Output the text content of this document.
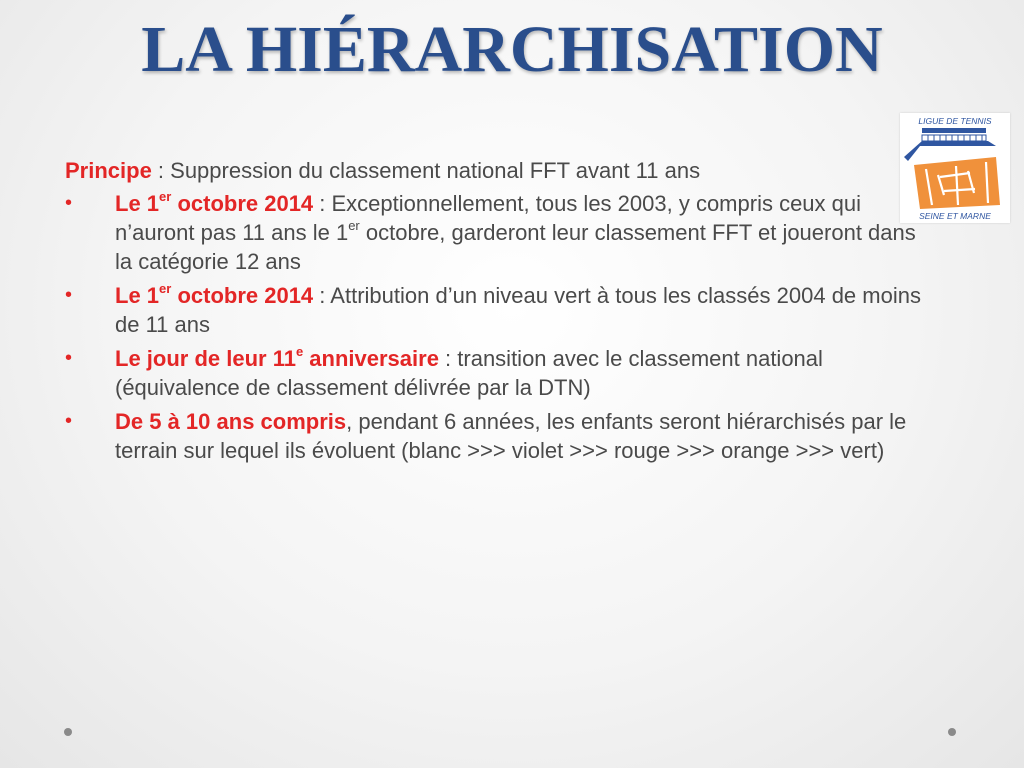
LA HIÉRARCHISATION
LIGUE DE TENNIS
SEINE ET MARNE

Principe : Suppression du classement national FFT avant 11 ans

• Le 1er octobre 2014 : Exceptionnellement, tous les 2003, y compris ceux qui n’auront pas 11 ans le 1er octobre, garderont leur classement FFT et joueront dans la catégorie 12 ans
• Le 1er octobre 2014 : Attribution d’un niveau vert à tous les classés 2004 de moins de 11 ans
• Le jour de leur 11e anniversaire : transition avec le classement national (équivalence de classement délivrée par la DTN)
• De 5 à 10 ans compris, pendant 6 années, les enfants seront hiérarchisés par le terrain sur lequel ils évoluent (blanc >>> violet >>> rouge >>> orange >>> vert)
